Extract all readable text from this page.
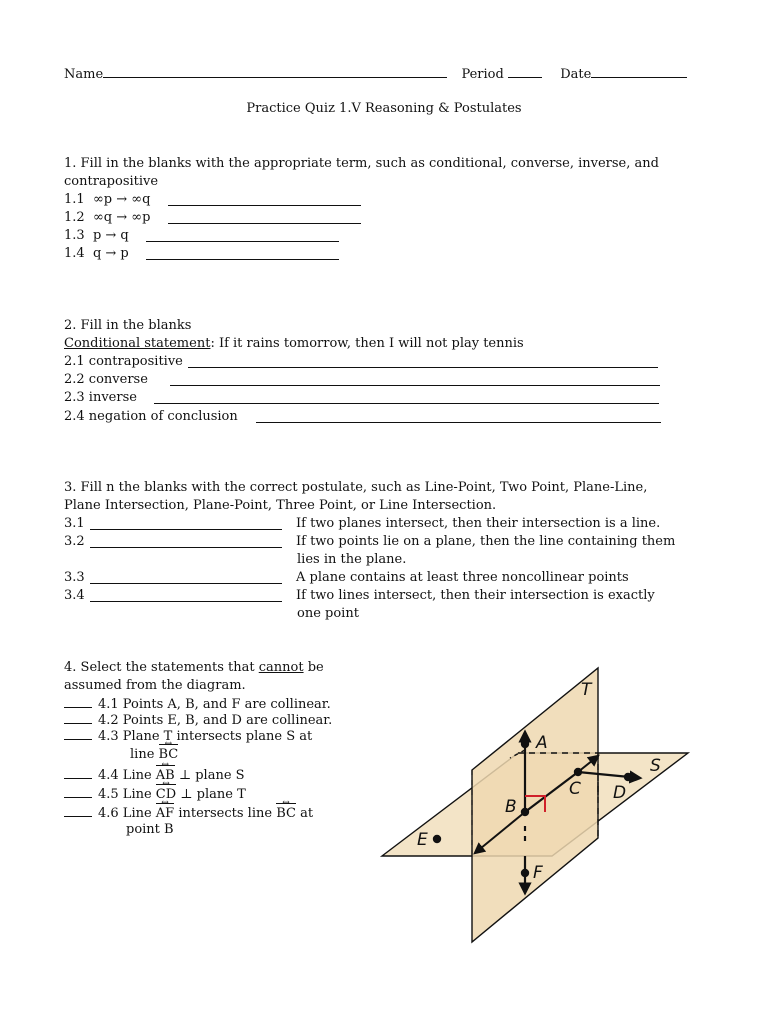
Name	Period	Date
Practice Quiz 1.V Reasoning & Postulates
1. Fill in the blanks with the appropriate term, such as conditional, converse, inverse, and
contrapositive
1.1 ∞p → ∞q
1.2 ∞q → ∞p
1.3 p → q
1.4 q → p
2. Fill in the blanks
Conditional statement: If it rains tomorrow, then I will not play tennis
2.1 contrapositive
2.2 converse
2.3 inverse
2.4 negation of conclusion
3. Fill n the blanks with the correct postulate, such as Line-Point, Two Point, Plane-Line,
Plane Intersection, Plane-Point, Three Point, or Line Intersection.
3.1	If two planes intersect, then their intersection is a line.
3.2	If two points lie on a plane, then the line containing them
lies in the plane.
3.3	A plane contains at least three noncollinear points
3.4	If two lines intersect, then their intersection is exactly
one point
4. Select the statements that cannot be
assumed from the diagram.
4.1 Points A, B, and F are collinear.
4.2 Points E, B, and D are collinear.
4.3 Plane T intersects plane S at
line BC ↔
4.4 Line AB ↔ ⊥ plane S
4.5 Line CD ↔ ⊥ plane T
4.6 Line AF ↔ intersects line BC ↔ at
point B
T
S
A
B
C D
E
F
